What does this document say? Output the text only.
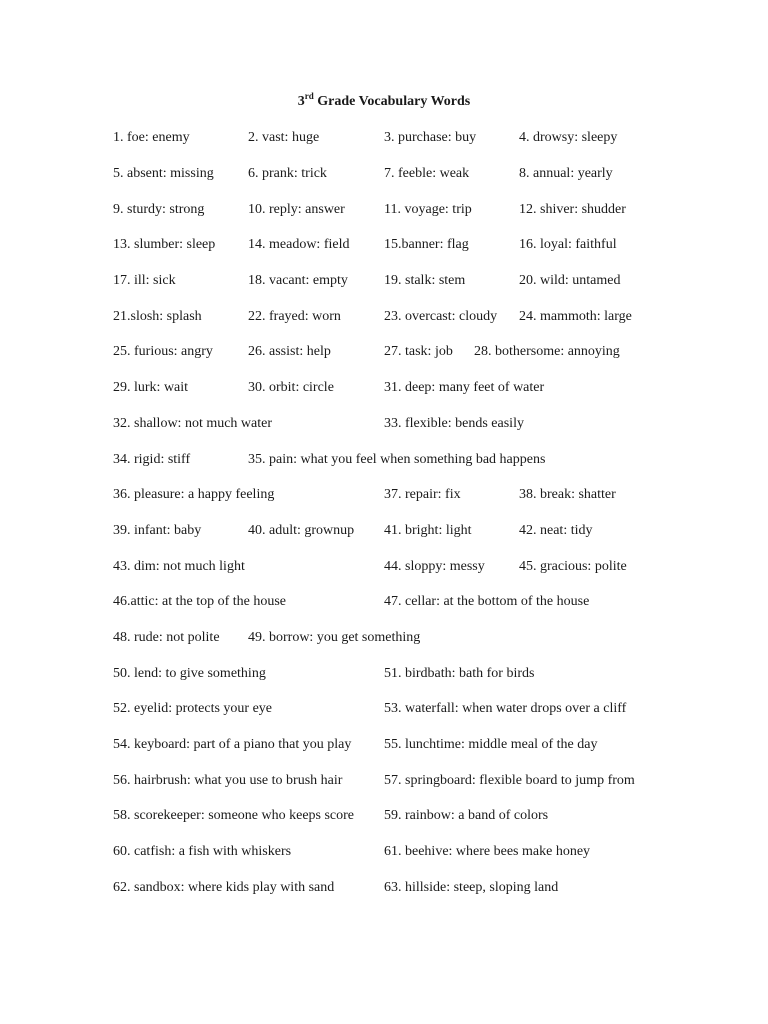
3rd Grade Vocabulary Words
1. foe: enemy	2. vast: huge	3. purchase: buy	4. drowsy: sleepy
5. absent: missing 6. prank: trick	7. feeble: weak	8. annual: yearly
9. sturdy: strong	10. reply: answer	11. voyage: trip	12. shiver: shudder
13. slumber: sleep 14. meadow: field 15.banner: flag	16. loyal: faithful
17. ill: sick	18. vacant: empty	19. stalk: stem	20. wild: untamed
21.slosh: splash	22. frayed: worn	23. overcast: cloudy 24. mammoth: large
25. furious: angry	26. assist: help	27. task: job 28. bothersome: annoying
29. lurk: wait	30. orbit: circle	31. deep: many feet of water
32. shallow: not much water	33. flexible: bends easily
34. rigid: stiff	35. pain: what you feel when something bad happens
36. pleasure: a happy feeling	37. repair: fix	38. break: shatter
39. infant: baby	40. adult: grownup 41. bright: light	42. neat: tidy
43. dim: not much light	44. sloppy: messy 45. gracious: polite
46.attic: at the top of the house	47. cellar: at the bottom of the house
48. rude: not polite 49. borrow: you get something
50. lend: to give something	51. birdbath: bath for birds
52. eyelid: protects your eye	53. waterfall: when water drops over a cliff
54. keyboard: part of a piano that you play 55. lunchtime: middle meal of the day
56. hairbrush: what you use to brush hair	57. springboard: flexible board to jump from
58. scorekeeper: someone who keeps score 59. rainbow: a band of colors
60. catfish: a fish with whiskers	61. beehive: where bees make honey
62. sandbox: where kids play with sand	63. hillside: steep, sloping land
